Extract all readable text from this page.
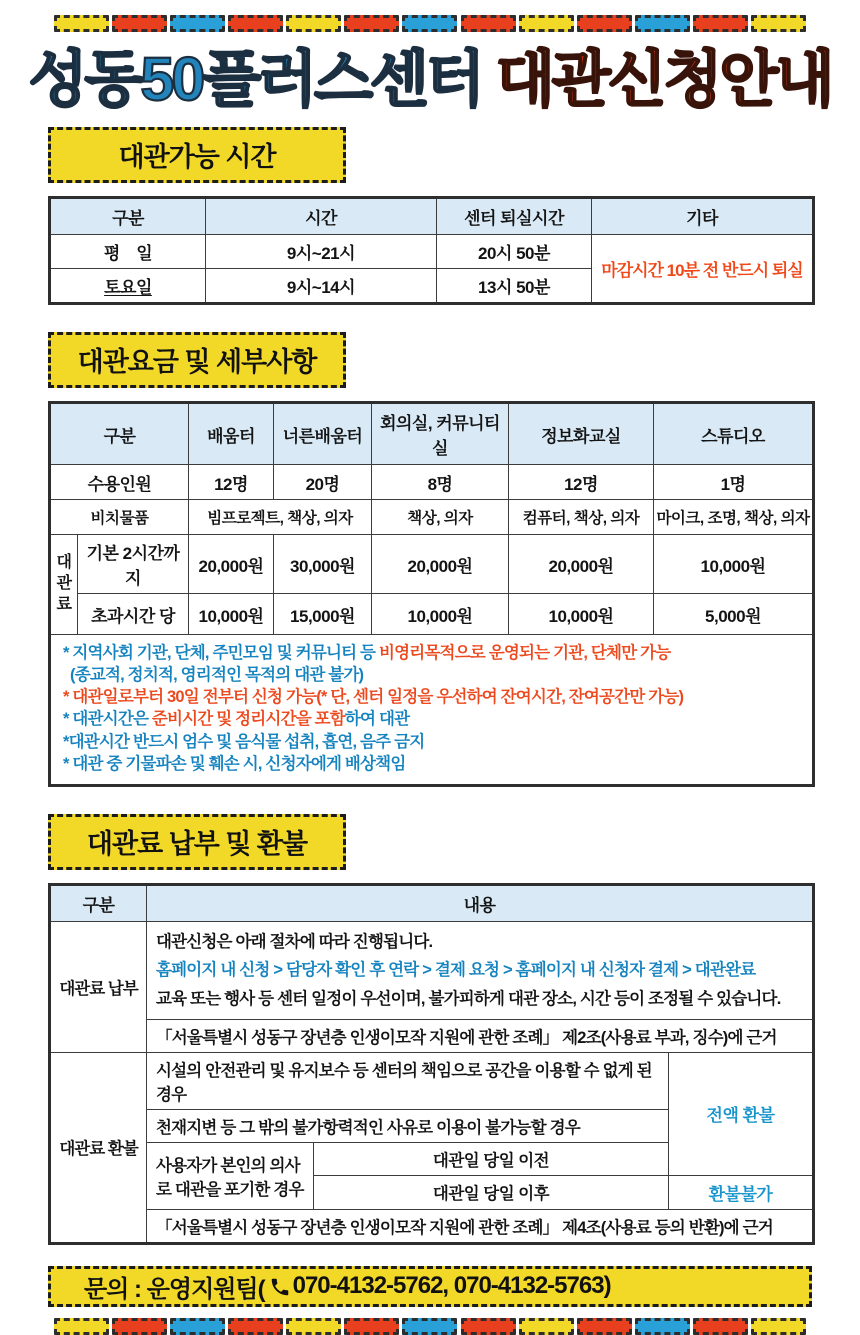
성동50플러스센터 대관신청안내
대관가능 시간
구분	시간	센터 퇴실시간	기타
평　일	9시~21시	20시 50분	마감시간 10분 전 반드시 퇴실
토요일	9시~14시	13시 50분	
대관요금 및 세부사항
구분		배움터	너른배움터	회의실, 커뮤니티실	정보화교실	스튜디오
수용인원		12명	20명	8명	12명	1명
비치물품		빔프로젝트, 책상, 의자		책상, 의자	컴퓨터, 책상, 의자	마이크, 조명, 책상, 의자
대관료	기본 2시간까지	20,000원	30,000원	20,000원	20,000원	10,000원
	초과시간 당	10,000원	15,000원	10,000원	10,000원	5,000원

* 지역사회 기관, 단체, 주민모임 및 커뮤니티 등 비영리목적으로 운영되는 기관, 단체만 가능

(종교적, 정치적, 영리적인 목적의 대관 불가)

* 대관일로부터 30일 전부터 신청 가능(* 단, 센터 일정을 우선하여 잔여시간, 잔여공간만 가능)

* 대관시간은 준비시간 및 정리시간을 포함하여 대관

*대관시간 반드시 엄수 및 음식물 섭취, 흡연, 음주 금지

* 대관 중 기물파손 및 훼손 시, 신청자에게 배상책임

대관료 납부 및 환불
구분	내용		
대관료 납부	대관신청은 아래 절차에 따라 진행됩니다.
홈페이지 내 신청 > 담당자 확인 후 연락 > 결제 요청 > 홈페이지 내 신청자 결제 > 대관완료
교육 또는 행사 등 센터 일정이 우선이며, 불가피하게 대관 장소, 시간 등이 조정될 수 있습니다.		

	「서울특별시 성동구 장년층 인생이모작 지원에 관한 조례」 제2조(사용료 부과, 징수)에 근거		
대관료 환불	시설의 안전관리 및 유지보수 등 센터의 책임으로 공간을 이용할 수 없게 된 경우		전액 환불
	천재지변 등 그 밖의 불가항력적인 사유로 이용이 불가능할 경우		
	사용자가 본인의 의사로 대관을 포기한 경우	대관일 당일 이전	
		대관일 당일 이후	환불불가
	「서울특별시 성동구 장년층 인생이모작 지원에 관한 조례」 제4조(사용료 등의 반환)에 근거		
문의 : 운영지원팀( 070-4132-5762, 070-4132-5763 )
